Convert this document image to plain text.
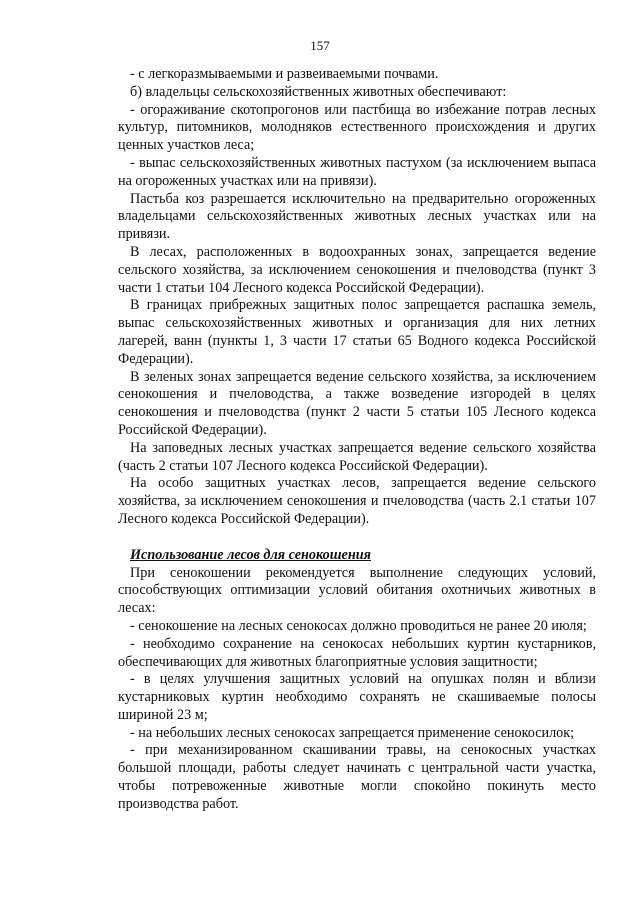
157

- с легкоразмываемыми и развеиваемыми почвами.

б) владельцы сельскохозяйственных животных обеспечивают:

- огораживание скотопрогонов или пастбища во избежание потрав лесных культур, питомников, молодняков естественного происхождения и других ценных участков леса;

- выпас сельскохозяйственных животных пастухом (за исключением выпаса на огороженных участках или на привязи).

Пастьба коз разрешается исключительно на предварительно огороженных владельцами сельскохозяйственных животных лесных участках или на привязи.

В лесах, расположенных в водоохранных зонах, запрещается ведение сельского хозяйства, за исключением сенокошения и пчеловодства (пункт 3 части 1 статьи 104 Лесного кодекса Российской Федерации).

В границах прибрежных защитных полос запрещается распашка земель, выпас сельскохозяйственных животных и организация для них летних лагерей, ванн (пункты 1, 3 части 17 статьи 65 Водного кодекса Российской Федерации).

В зеленых зонах запрещается ведение сельского хозяйства, за исключением сенокошения и пчеловодства, а также возведение изгородей в целях сенокошения и пчеловодства (пункт 2 части 5 статьи 105 Лесного кодекса Российской Федерации).

На заповедных лесных участках запрещается ведение сельского хозяйства (часть 2 статьи 107 Лесного кодекса Российской Федерации).

На особо защитных участках лесов, запрещается ведение сельского хозяйства, за исключением сенокошения и пчеловодства (часть 2.1 статьи 107 Лесного кодекса Российской Федерации).

Использование лесов для сенокошения

При сенокошении рекомендуется выполнение следующих условий, способствующих оптимизации условий обитания охотничьих животных в лесах:

- сенокошение на лесных сенокосах должно проводиться не ранее 20 июля;

- необходимо сохранение на сенокосах небольших куртин кустарников, обеспечивающих для животных благоприятные условия защитности;

- в целях улучшения защитных условий на опушках полян и вблизи кустарниковых куртин необходимо сохранять не скашиваемые полосы шириной 23 м;

- на небольших лесных сенокосах запрещается применение сенокосилок;

- при механизированном скашивании травы, на сенокосных участках большой площади, работы следует начинать с центральной части участка, чтобы потревоженные животные могли спокойно покинуть место производства работ.
